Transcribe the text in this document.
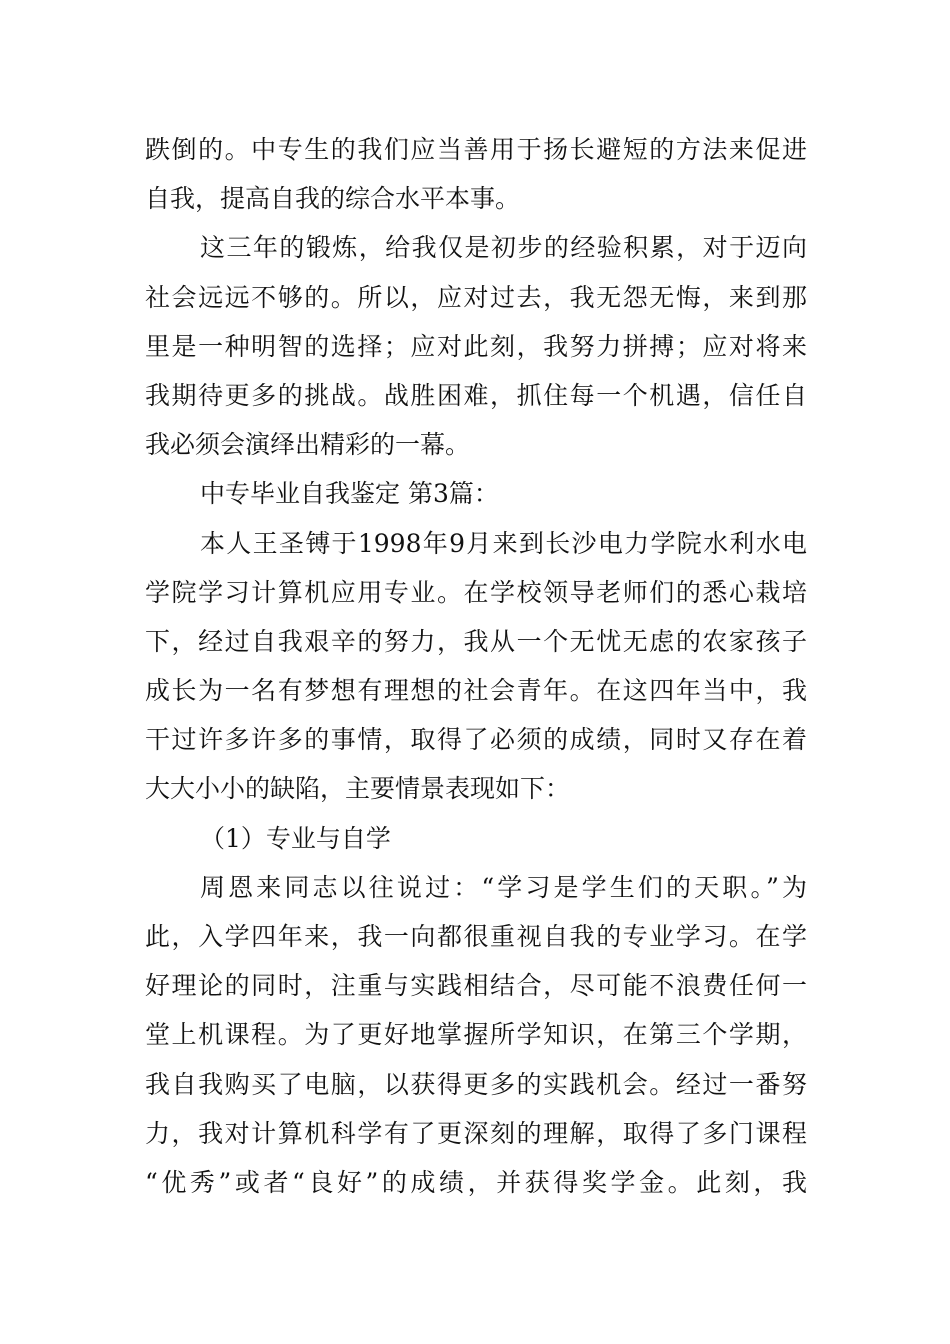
跌倒的。中专生的我们应当善用于扬长避短的方法来促进
自我，提高自我的综合水平本事。
这三年的锻炼，给我仅是初步的经验积累，对于迈向
社会远远不够的。所以，应对过去，我无怨无悔，来到那
里是一种明智的选择；应对此刻，我努力拼搏；应对将来
我期待更多的挑战。战胜困难，抓住每一个机遇，信任自
我必须会演绎出精彩的一幕。
中专毕业自我鉴定 第3篇：
本人王圣镈于1998年9月来到长沙电力学院水利水电
学院学习计算机应用专业。在学校领导老师们的悉心栽培
下，经过自我艰辛的努力，我从一个无忧无虑的农家孩子
成长为一名有梦想有理想的社会青年。在这四年当中，我
干过许多许多的事情，取得了必须的成绩，同时又存在着
大大小小的缺陷，主要情景表现如下：
（1）专业与自学
周恩来同志以往说过：“学习是学生们的天职。”为
此，入学四年来，我一向都很重视自我的专业学习。在学
好理论的同时，注重与实践相结合，尽可能不浪费任何一
堂上机课程。为了更好地掌握所学知识，在第三个学期，
我自我购买了电脑，以获得更多的实践机会。经过一番努
力，我对计算机科学有了更深刻的理解，取得了多门课程
“优秀”或者“良好”的成绩，并获得奖学金。此刻，我
